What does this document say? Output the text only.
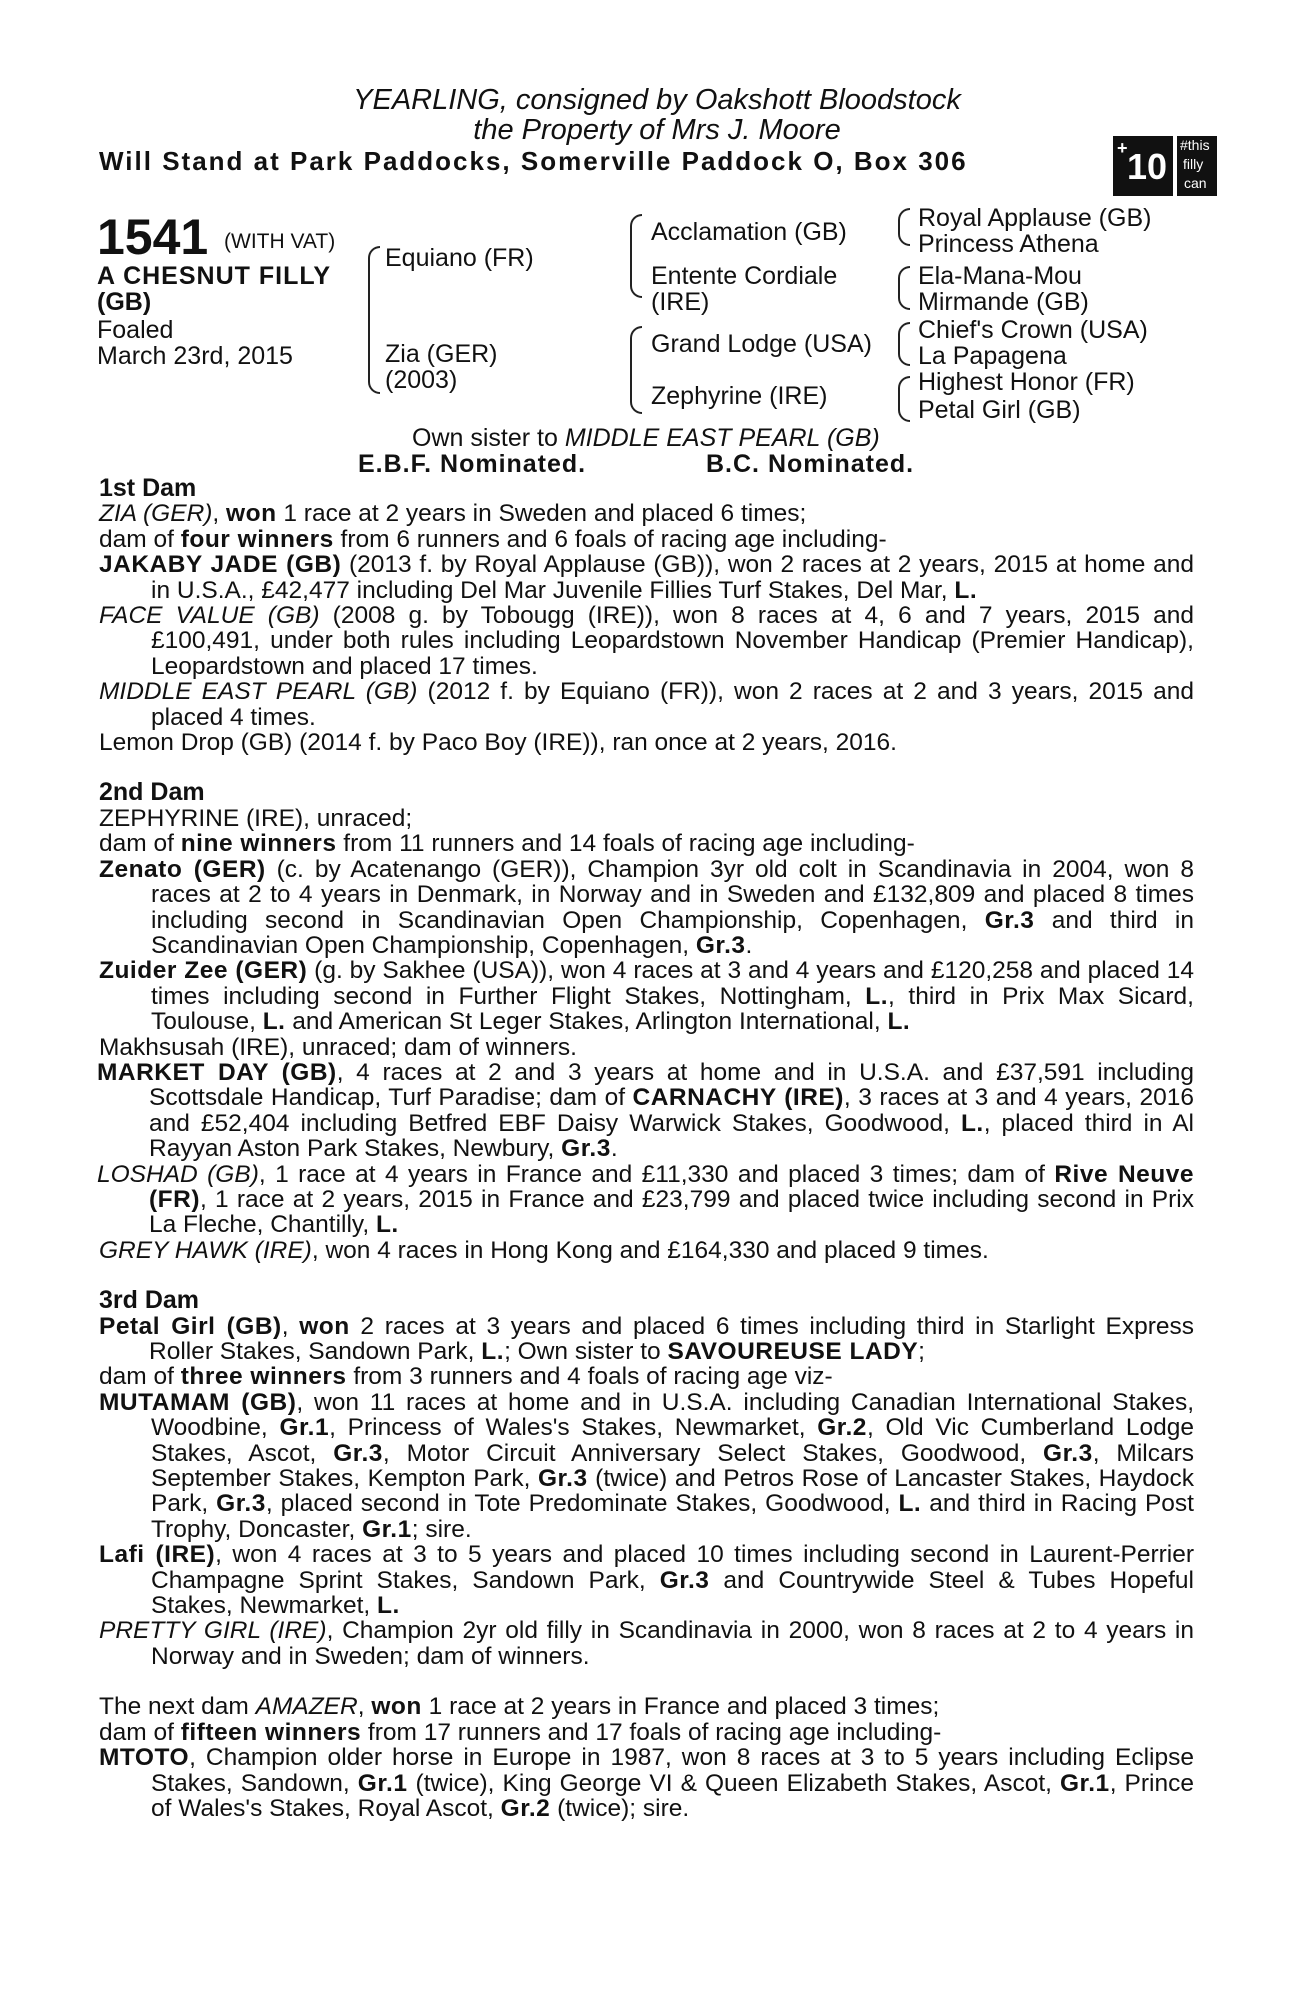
YEARLING, consigned by Oakshott Bloodstock
the Property of Mrs J. Moore
Will Stand at Park Paddocks, Somerville Paddock O, Box 306	+ 10
#this
filly
can
1541 (WITH VAT)
A CHESNUT FILLY
(GB)
Foaled
March 23rd, 2015
Equiano (FR)
Zia (GER)
(2003)
Acclamation (GB)
Entente Cordiale
(IRE)
Grand Lodge (USA)
Zephyrine (IRE)
Royal Applause (GB)
Princess Athena
Ela-Mana-Mou
Mirmande (GB)
Chief's Crown (USA)
La Papagena
Highest Honor (FR)
Petal Girl (GB)
Own sister to MIDDLE EAST PEARL (GB)
E.B.F. Nominated.	B.C. Nominated.
1st Dam
ZIA (GER), won 1 race at 2 years in Sweden and placed 6 times;
dam of four winners from 6 runners and 6 foals of racing age including-
JAKABY JADE (GB) (2013 f. by Royal Applause (GB)), won 2 races at 2 years, 2015 at home and in U.S.A., £42,477 including Del Mar Juvenile Fillies Turf Stakes, Del Mar, L.
FACE VALUE (GB) (2008 g. by Tobougg (IRE)), won 8 races at 4, 6 and 7 years, 2015 and £100,491, under both rules including Leopardstown November Handicap (Premier Handicap), Leopardstown and placed 17 times.
MIDDLE EAST PEARL (GB) (2012 f. by Equiano (FR)), won 2 races at 2 and 3 years, 2015 and placed 4 times.
Lemon Drop (GB) (2014 f. by Paco Boy (IRE)), ran once at 2 years, 2016.
2nd Dam
ZEPHYRINE (IRE), unraced;
dam of nine winners from 11 runners and 14 foals of racing age including-
Zenato (GER) (c. by Acatenango (GER)), Champion 3yr old colt in Scandinavia in 2004, won 8 races at 2 to 4 years in Denmark, in Norway and in Sweden and £132,809 and placed 8 times including second in Scandinavian Open Championship, Copenhagen, Gr.3 and third in Scandinavian Open Championship, Copenhagen, Gr.3.
Zuider Zee (GER) (g. by Sakhee (USA)), won 4 races at 3 and 4 years and £120,258 and placed 14 times including second in Further Flight Stakes, Nottingham, L., third in Prix Max Sicard, Toulouse, L. and American St Leger Stakes, Arlington International, L.
Makhsusah (IRE), unraced; dam of winners.
MARKET DAY (GB), 4 races at 2 and 3 years at home and in U.S.A. and £37,591 including Scottsdale Handicap, Turf Paradise; dam of CARNACHY (IRE), 3 races at 3 and 4 years, 2016 and £52,404 including Betfred EBF Daisy Warwick Stakes, Goodwood, L., placed third in Al Rayyan Aston Park Stakes, Newbury, Gr.3.
LOSHAD (GB), 1 race at 4 years in France and £11,330 and placed 3 times; dam of Rive Neuve (FR), 1 race at 2 years, 2015 in France and £23,799 and placed twice including second in Prix La Fleche, Chantilly, L.
GREY HAWK (IRE), won 4 races in Hong Kong and £164,330 and placed 9 times.
3rd Dam
Petal Girl (GB), won 2 races at 3 years and placed 6 times including third in Starlight Express Roller Stakes, Sandown Park, L.; Own sister to SAVOUREUSE LADY;
dam of three winners from 3 runners and 4 foals of racing age viz-
MUTAMAM (GB), won 11 races at home and in U.S.A. including Canadian International Stakes, Woodbine, Gr.1, Princess of Wales's Stakes, Newmarket, Gr.2, Old Vic Cumberland Lodge Stakes, Ascot, Gr.3, Motor Circuit Anniversary Select Stakes, Goodwood, Gr.3, Milcars September Stakes, Kempton Park, Gr.3 (twice) and Petros Rose of Lancaster Stakes, Haydock Park, Gr.3, placed second in Tote Predominate Stakes, Goodwood, L. and third in Racing Post Trophy, Doncaster, Gr.1; sire.
Lafi (IRE), won 4 races at 3 to 5 years and placed 10 times including second in Laurent-Perrier Champagne Sprint Stakes, Sandown Park, Gr.3 and Countrywide Steel & Tubes Hopeful Stakes, Newmarket, L.
PRETTY GIRL (IRE), Champion 2yr old filly in Scandinavia in 2000, won 8 races at 2 to 4 years in Norway and in Sweden; dam of winners.
The next dam AMAZER, won 1 race at 2 years in France and placed 3 times;
dam of fifteen winners from 17 runners and 17 foals of racing age including-
MTOTO, Champion older horse in Europe in 1987, won 8 races at 3 to 5 years including Eclipse Stakes, Sandown, Gr.1 (twice), King George VI & Queen Elizabeth Stakes, Ascot, Gr.1, Prince of Wales's Stakes, Royal Ascot, Gr.2 (twice); sire.
